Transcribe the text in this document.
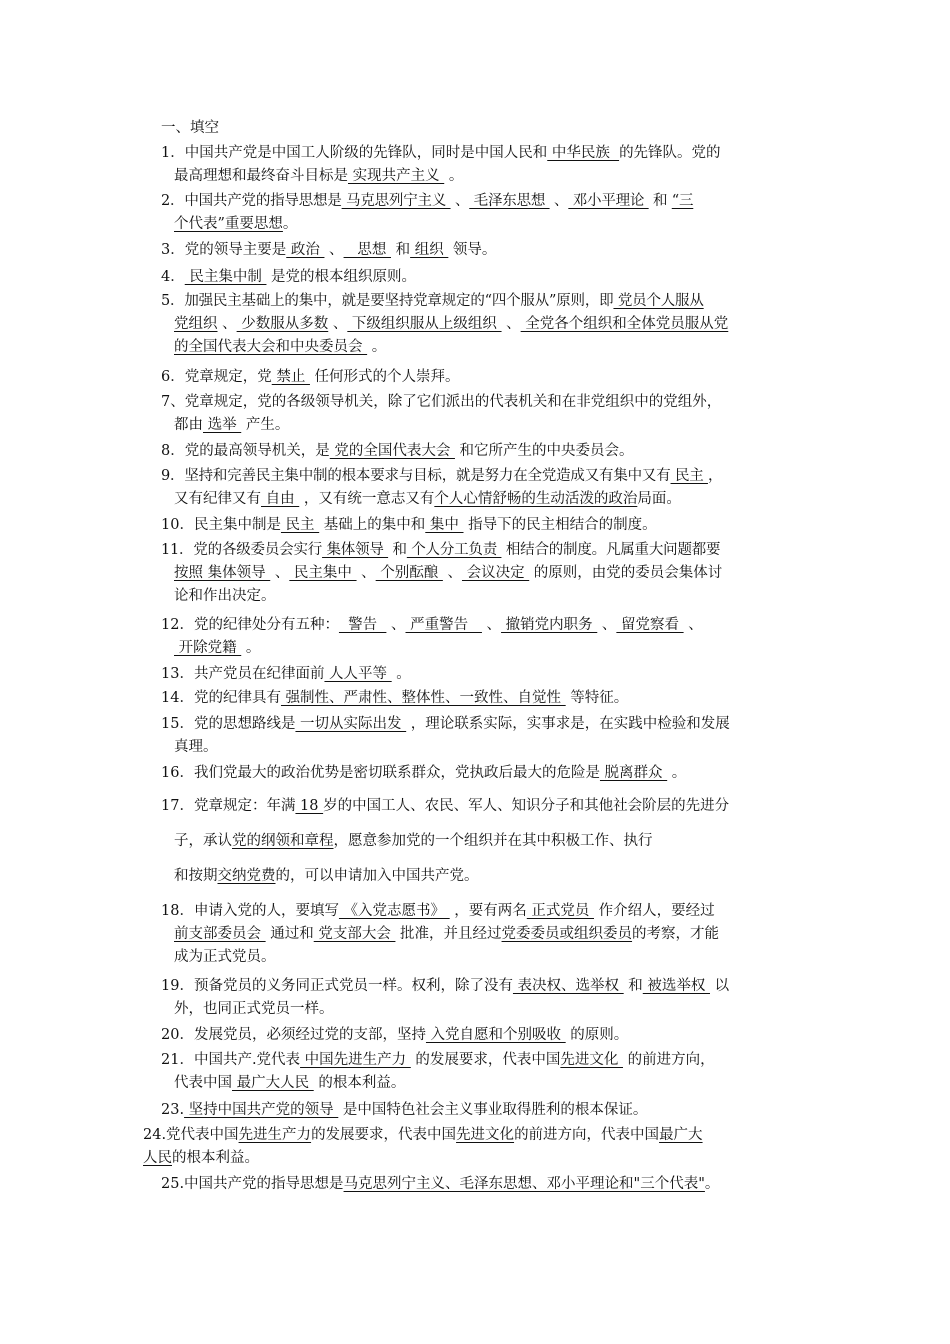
一、填空
1．中国共产党是中国工人阶级的先锋队，同时是中国人民和 中华民族  的先锋队。党的
最高理想和最终奋斗目标是 实现共产主义  。
2．中国共产党的指导思想是 马克思列宁主义  、 毛泽东思想  、 邓小平理论  和 “三
个代表”重要思想。
3．党的领导主要是 政治  、   思想  和 组织  领导。
4． 民主集中制  是党的根本组织原则。
5．加强民主基础上的集中，就是要坚持党章规定的“四个服从”原则，即 党员个人服从
党组织 、 少数服从多数 、 下级组织服从上级组织  、 全党各个组织和全体党员服从党
的全国代表大会和中央委员会  。
6．党章规定，党 禁止  任何形式的个人崇拜。
7、党章规定，党的各级领导机关，除了它们派出的代表机关和在非党组织中的党组外，
都由 选举  产生。
8．党的最高领导机关，是 党的全国代表大会  和它所产生的中央委员会。
9．坚持和完善民主集中制的根本要求与目标，就是努力在全党造成又有集中又有 民主 ，
又有纪律又有 自由  ，又有统一意志又有个人心情舒畅的生动活泼的政治局面。
10．民主集中制是 民主  基础上的集中和 集中  指导下的民主相结合的制度。
11．党的各级委员会实行 集体领导  和 个人分工负责  相结合的制度。凡属重大问题都要
按照 集体领导  、 民主集中  、 个别酝酿  、 会议决定  的原则，由党的委员会集体讨
论和作出决定。
12．党的纪律处分有五种：  警告   、 严重警告    、 撤销党内职务  、 留党察看  、
开除党籍  。
13．共产党员在纪律面前 人人平等  。
14．党的纪律具有 强制性、严肃性、整体性、一致性、自觉性  等特征。
15．党的思想路线是 一切从实际出发  ，理论联系实际，实事求是，在实践中检验和发展
真理。
16．我们党最大的政治优势是密切联系群众，党执政后最大的危险是 脱离群众  。
17．党章规定：年满 18 岁的中国工人、农民、军人、知识分子和其他社会阶层的先进分
子，承认党的纲领和章程，愿意参加党的一个组织并在其中积极工作、执行
和按期交纳党费的，可以申请加入中国共产党。
18．申请入党的人，要填写 《入党志愿书》  ，要有两名 正式党员  作介绍人，要经过
前支部委员会  通过和 党支部大会  批准，并且经过党委委员或组织委员的考察，才能
成为正式党员。
19．预备党员的义务同正式党员一样。权利，除了没有 表决权、选举权  和 被选举权  以
外，也同正式党员一样。
20．发展党员，必须经过党的支部，坚持 入党自愿和个别吸收  的原则。
21．中国共产.党代表 中国先进生产力  的发展要求，代表中国先进文化  的前进方向，
代表中国 最广大人民  的根本利益。
23. 坚持中国共产党的领导  是中国特色社会主义事业取得胜利的根本保证。
24.党代表中国先进生产力的发展要求，代表中国先进文化的前进方向，代表中国最广大
人民的根本利益。
25.中国共产党的指导思想是马克思列宁主义、毛泽东思想、邓小平理论和"三个代表"。
